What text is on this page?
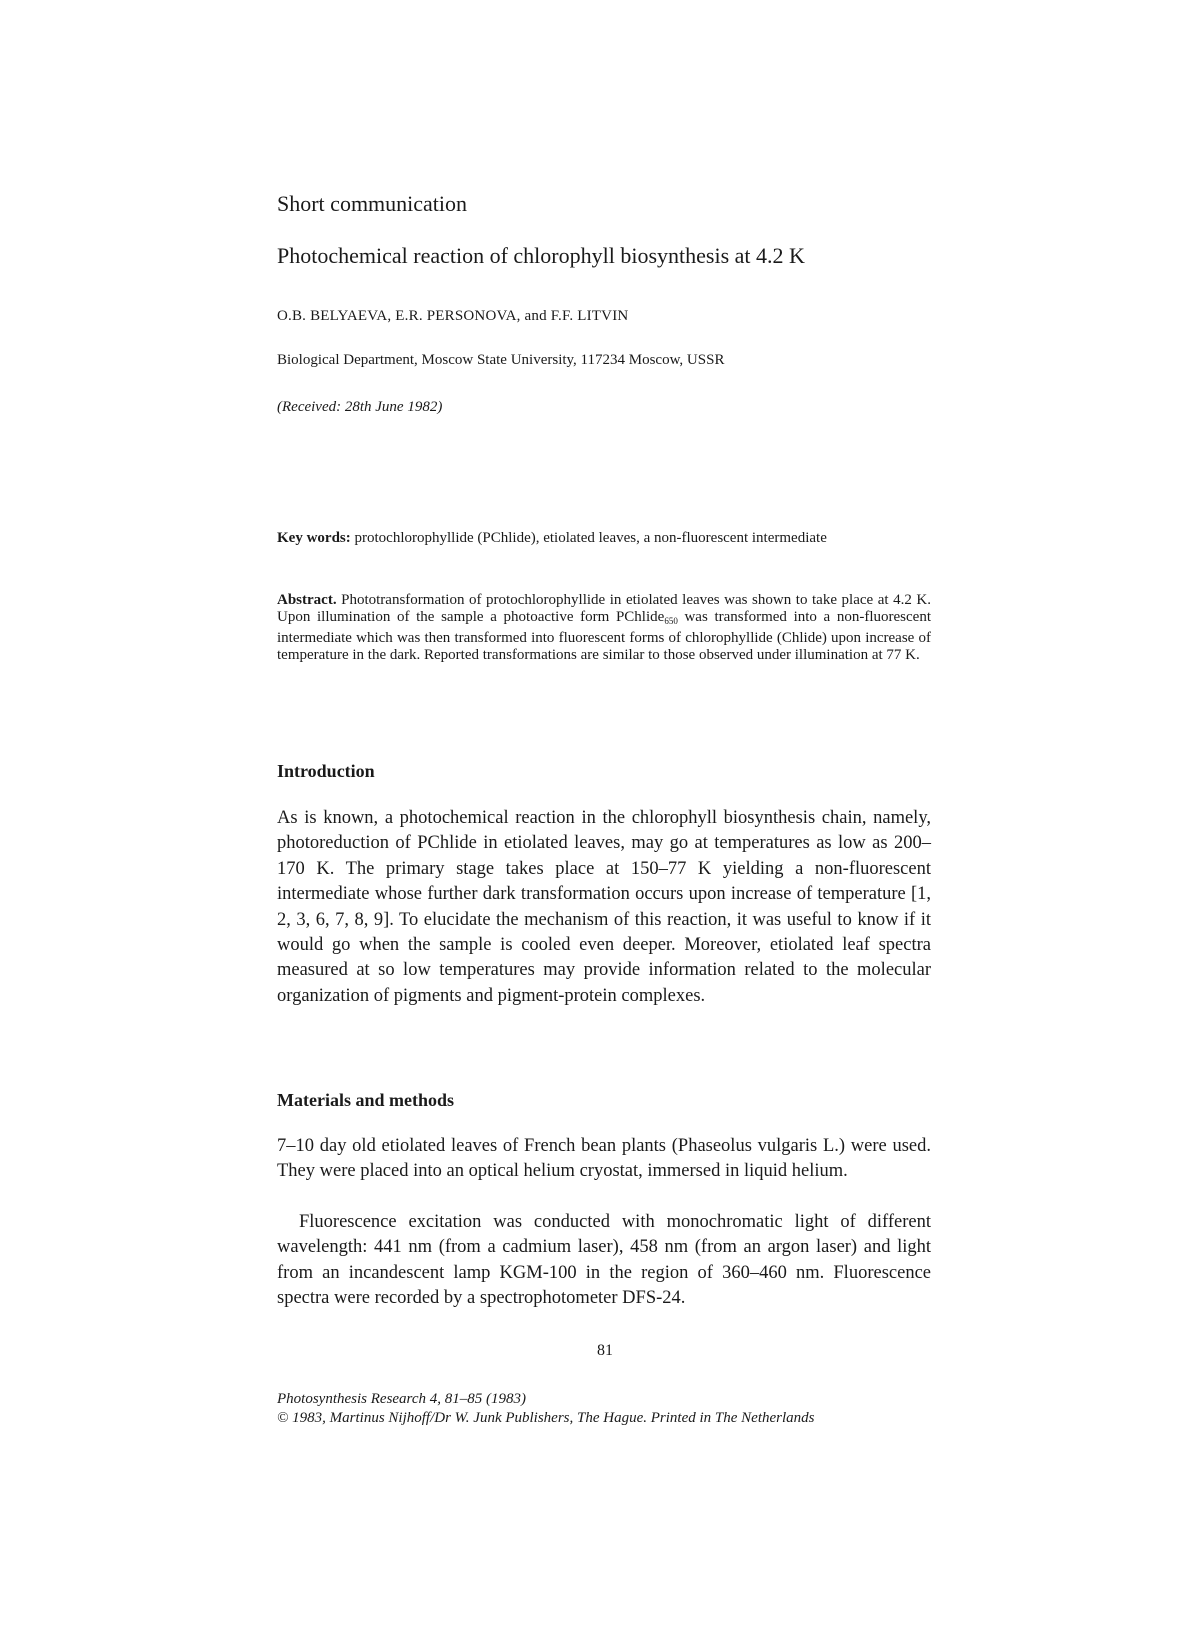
Short communication
Photochemical reaction of chlorophyll biosynthesis at 4.2 K
O.B. BELYAEVA, E.R. PERSONOVA, and F.F. LITVIN
Biological Department, Moscow State University, 117234 Moscow, USSR
(Received: 28th June 1982)

Key words: protochlorophyllide (PChlide), etiolated leaves, a non-fluorescent intermediate

Abstract. Phototransformation of protochlorophyllide in etiolated leaves was shown to take place at 4.2 K. Upon illumination of the sample a photoactive form PChlide$_{650}$ was transformed into a non-fluorescent intermediate which was then transformed into fluorescent forms of chlorophyllide (Chlide) upon increase of temperature in the dark. Reported transformations are similar to those observed under illumination at 77 K.

Introduction

As is known, a photochemical reaction in the chlorophyll biosynthesis chain, namely, photoreduction of PChlide in etiolated leaves, may go at temperatures as low as 200–170 K. The primary stage takes place at 150–77 K yielding a non-fluorescent intermediate whose further dark transformation occurs upon increase of temperature [1, 2, 3, 6, 7, 8, 9]. To elucidate the mechanism of this reaction, it was useful to know if it would go when the sample is cooled even deeper. Moreover, etiolated leaf spectra measured at so low temperatures may provide information related to the molecular organization of pigments and pigment-protein complexes.

Materials and methods

7–10 day old etiolated leaves of French bean plants (Phaseolus vulgaris L.) were used. They were placed into an optical helium cryostat, immersed in liquid helium.

Fluorescence excitation was conducted with monochromatic light of different wavelength: 441 nm (from a cadmium laser), 458 nm (from an argon laser) and light from an incandescent lamp KGM-100 in the region of 360–460 nm. Fluorescence spectra were recorded by a spectrophotometer DFS-24.

81
Photosynthesis Research 4, 81–85 (1983)
© 1983, Martinus Nijhoff/Dr W. Junk Publishers, The Hague. Printed in The Netherlands
